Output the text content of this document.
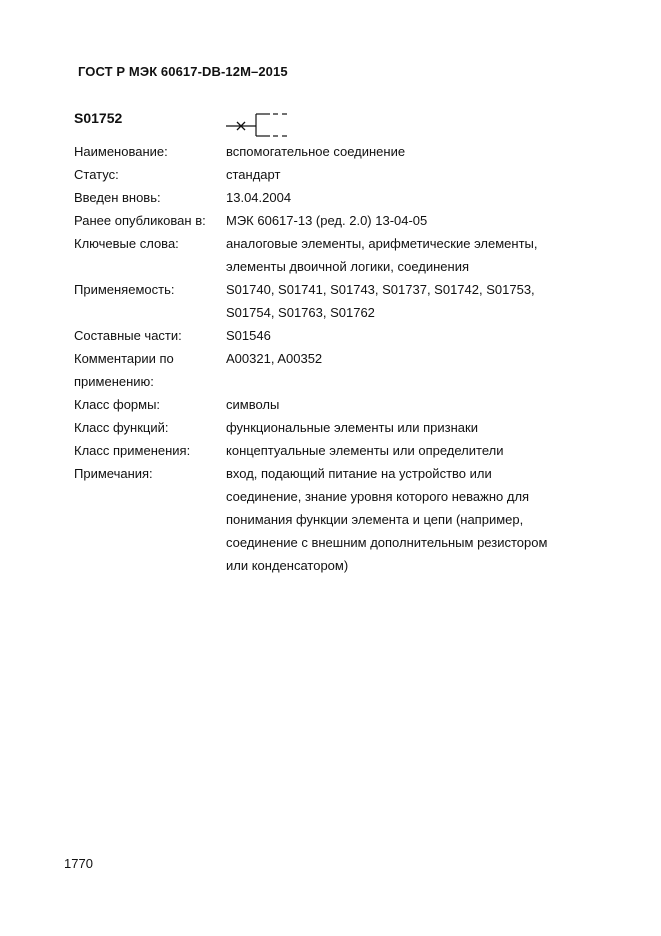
ГОСТ Р МЭК 60617-DB-12M–2015
S01752
Наименование:	вспомогательное соединение
Статус:	стандарт
Введен вновь:	13.04.2004
Ранее опубликован в:	МЭК 60617-13 (ред. 2.0) 13-04-05
Ключевые слова:	аналоговые элементы, арифметические элементы,
элементы двоичной логики, соединения
Применяемость:	S01740, S01741, S01743, S01737, S01742, S01753,
S01754, S01763, S01762
Составные части:	S01546
Комментарии по	A00321, A00352
применению:
Класс формы:	символы
Класс функций:	функциональные элементы или признаки
Класс применения:	концептуальные элементы или определители
Примечания:	вход, подающий питание на устройство или
соединение, знание уровня которого неважно для
понимания функции элемента и цепи (например,
соединение с внешним дополнительным резистором
или конденсатором)
1770
